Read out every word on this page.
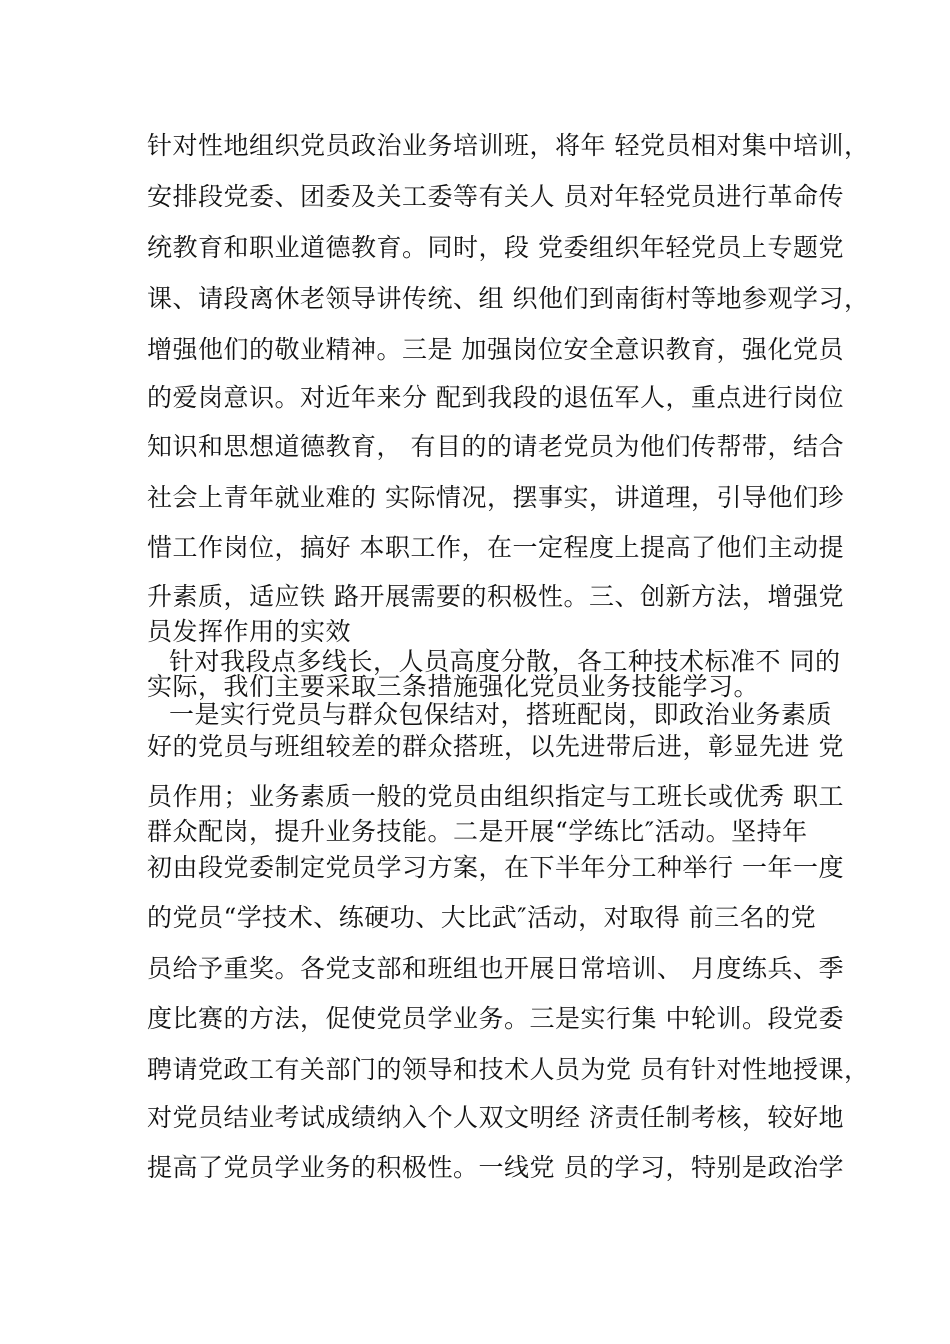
针对性地组织党员政治业务培训班，将年 轻党员相对集中培训，
安排段党委、团委及关工委等有关人 员对年轻党员进行革命传
统教育和职业道德教育。同时，段 党委组织年轻党员上专题党
课、请段离休老领导讲传统、组 织他们到南街村等地参观学习，
增强他们的敬业精神。三是 加强岗位安全意识教育，强化党员
的爱岗意识。对近年来分 配到我段的退伍军人，重点进行岗位
知识和思想道德教育， 有目的的请老党员为他们传帮带，结合
社会上青年就业难的 实际情况，摆事实，讲道理，引导他们珍
惜工作岗位，搞好 本职工作，在一定程度上提高了他们主动提
升素质，适应铁 路开展需要的积极性。三、创新方法，增强党
员发挥作用的实效
针对我段点多线长，人员高度分散，各工种技术标准不 同的
实际，我们主要采取三条措施强化党员业务技能学习。
一是实行党员与群众包保结对，搭班配岗，即政治业务素质
好的党员与班组较差的群众搭班，以先进带后进，彰显先进 党
员作用；业务素质一般的党员由组织指定与工班长或优秀 职工
群众配岗，提升业务技能。二是开展“学练比″活动。坚持年
初由段党委制定党员学习方案，在下半年分工种举行 一年一度
的党员“学技术、练硬功、大比武″活动，对取得 前三名的党
员给予重奖。各党支部和班组也开展日常培训、 月度练兵、季
度比赛的方法，促使党员学业务。三是实行集 中轮训。段党委
聘请党政工有关部门的领导和技术人员为党 员有针对性地授课，
对党员结业考试成绩纳入个人双文明经 济责任制考核，较好地
提高了党员学业务的积极性。一线党 员的学习，特别是政治学
